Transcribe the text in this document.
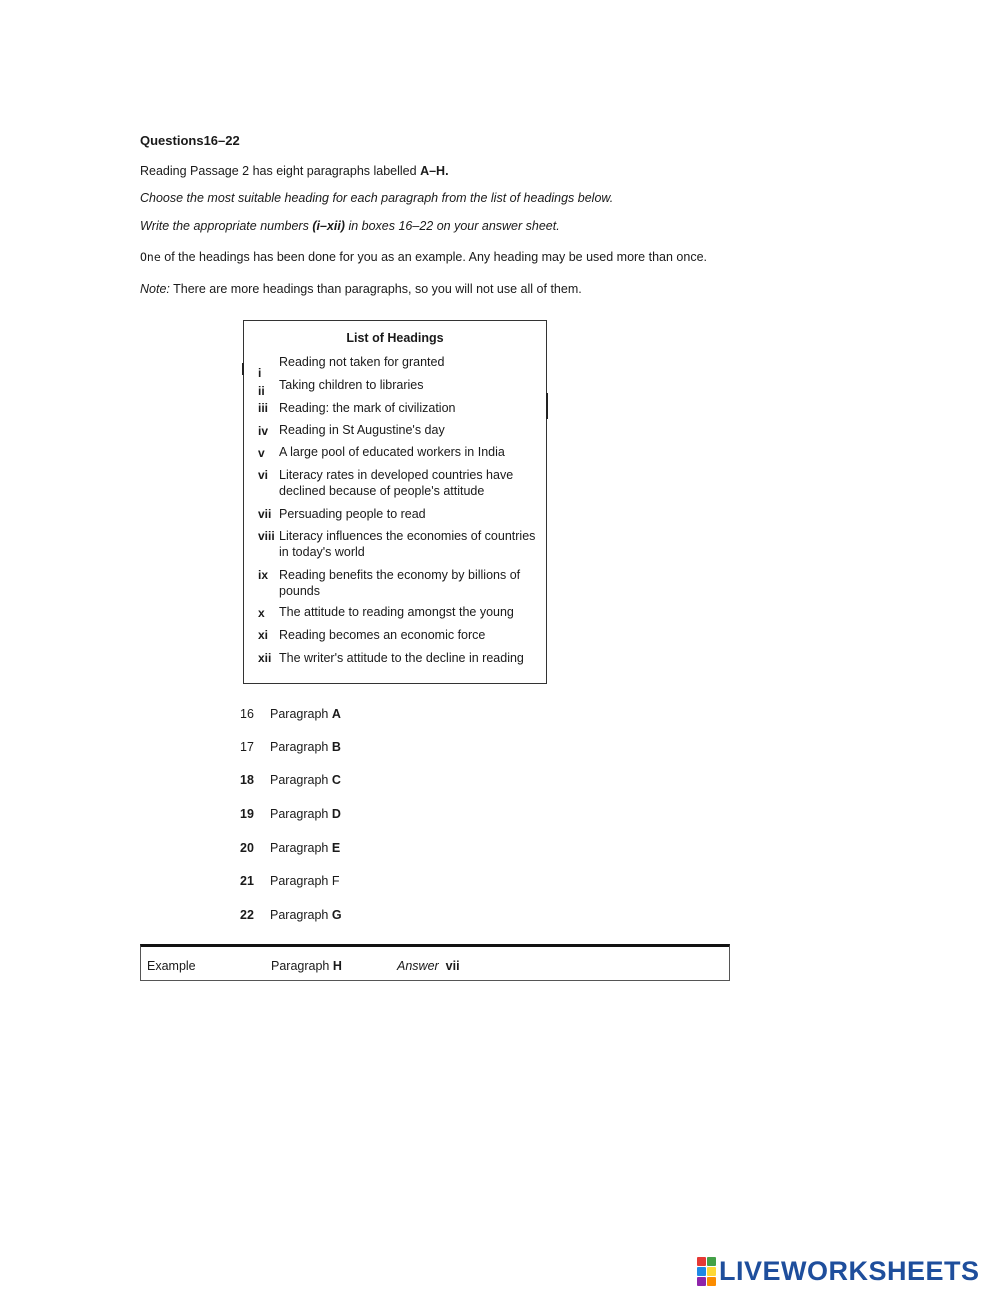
Questions16–22
Reading Passage 2 has eight paragraphs labelled A–H.
Choose the most suitable heading for each paragraph from the list of headings below.
Write the appropriate numbers (i–xii) in boxes 16–22 on your answer sheet.
One of the headings has been done for you as an example. Any heading may be used more than once.
Note: There are more headings than paragraphs, so you will not use all of them.
List of Headings
i
Reading not taken for granted
ii Taking children to libraries
iii Reading: the mark of civilization
iv Reading in St Augustine's day
v A large pool of educated workers in India
vi Literacy rates in developed countries have declined because of people's attitude
vii Persuading people to read
viii Literacy influences the economies of countries in today's world
ix Reading benefits the economy by billions of pounds
x The attitude to reading amongst the young
xi Reading becomes an economic force
xii The writer's attitude to the decline in reading
16 Paragraph A
17 Paragraph B
18 Paragraph C
19 Paragraph D
20 Paragraph E
21 Paragraph F
22 Paragraph G
Example	Paragraph H	Answer vii
LIVEWORKSHEETS
